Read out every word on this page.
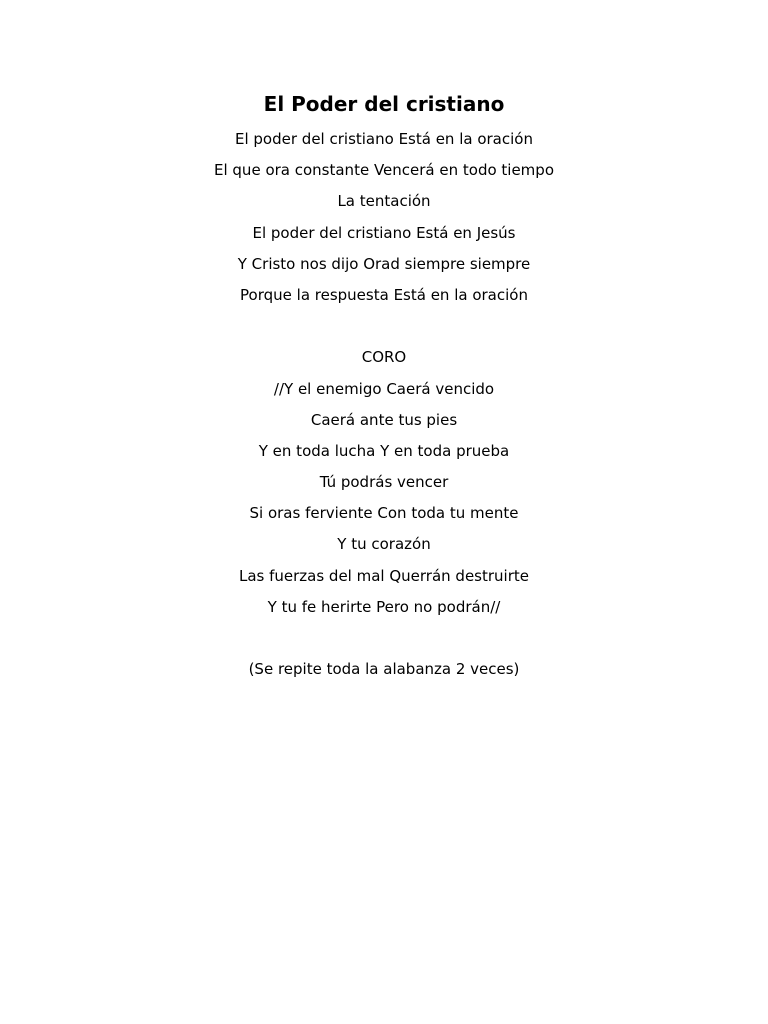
El Poder del cristiano
El poder del cristiano Está en la oración
El que ora constante Vencerá en todo tiempo
La tentación
El poder del cristiano Está en Jesús
Y Cristo nos dijo Orad siempre siempre
Porque la respuesta Está en la oración
CORO
//Y el enemigo Caerá vencido
Caerá ante tus pies
Y en toda lucha Y en toda prueba
Tú podrás vencer
Si oras ferviente Con toda tu mente
Y tu corazón
Las fuerzas del mal Querrán destruirte
Y tu fe herirte Pero no podrán//
(Se repite toda la alabanza 2 veces)
